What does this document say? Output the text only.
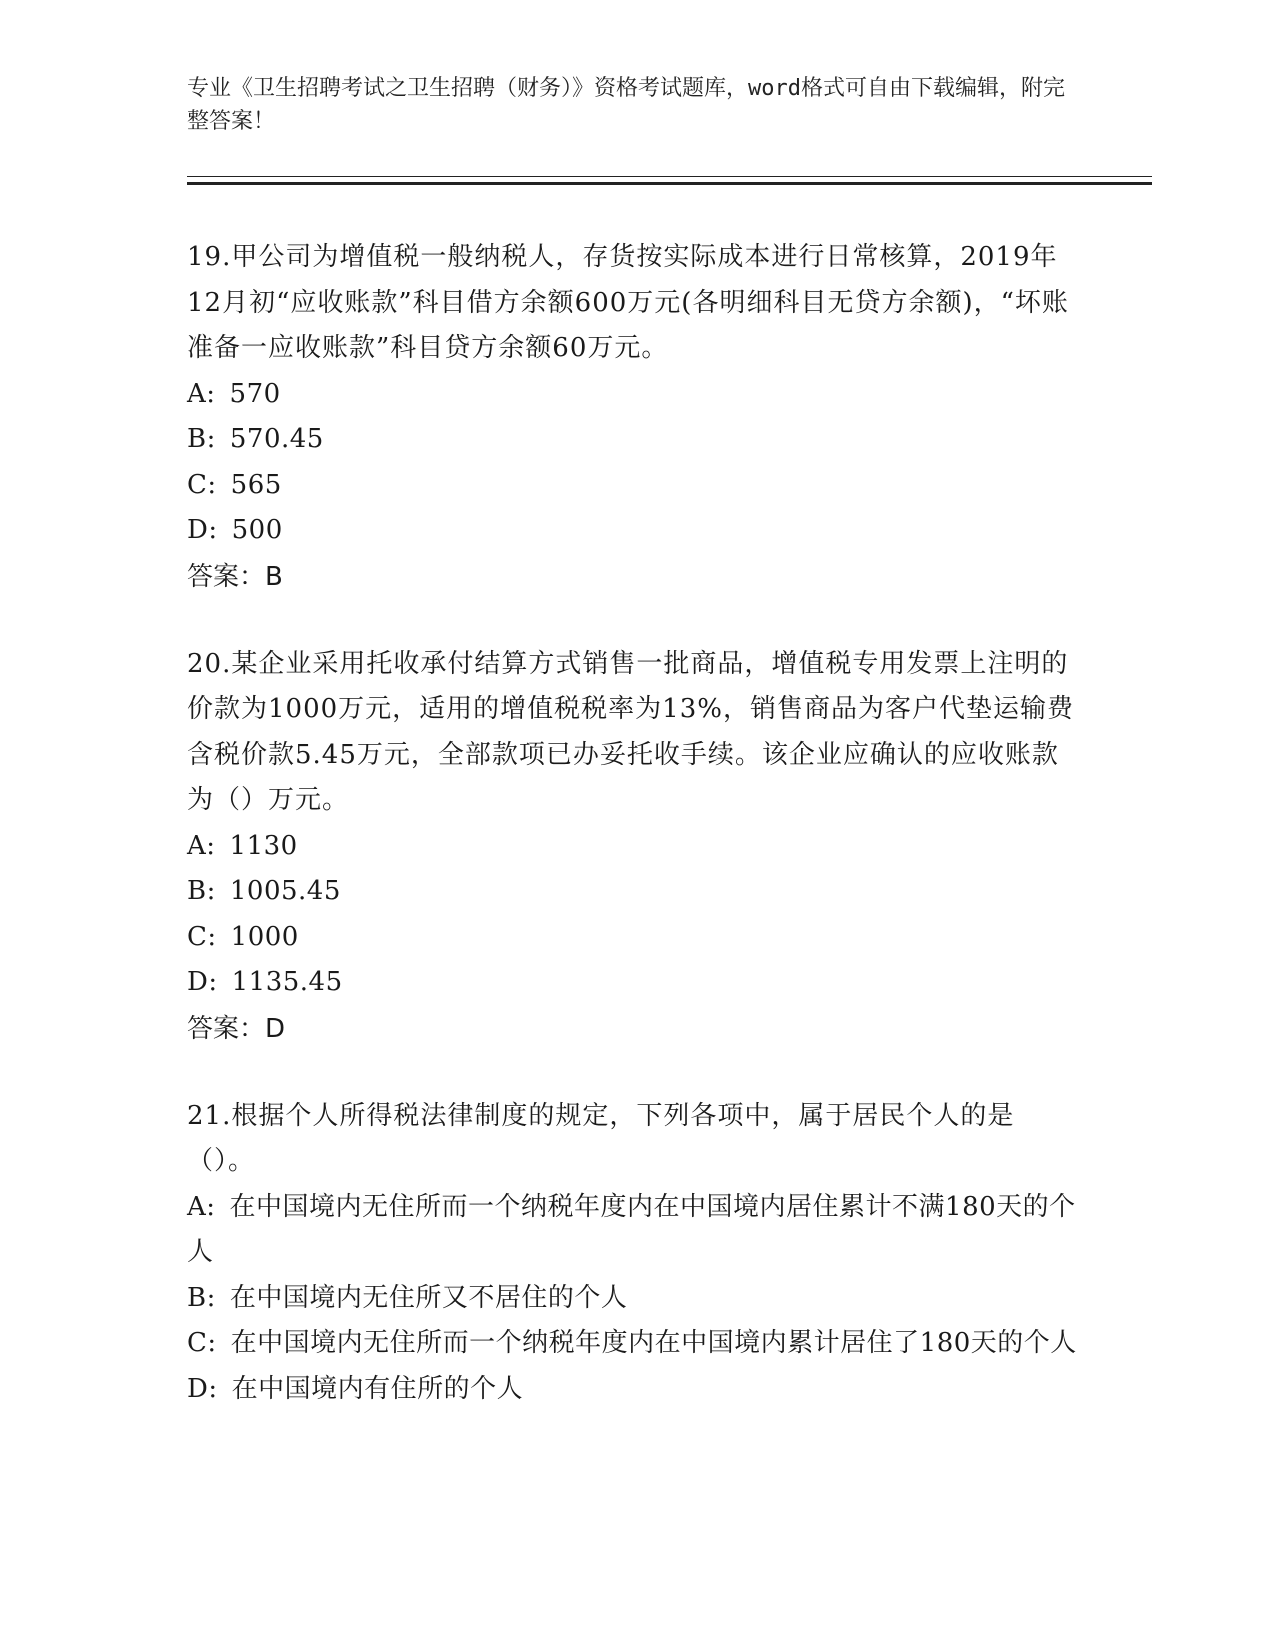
专业《卫生招聘考试之卫生招聘（财务）》资格考试题库，word格式可自由下载编辑，附完整答案！

19.甲公司为增值税一般纳税人，存货按实际成本进行日常核算，2019年12月初“应收账款”科目借方余额600万元(各明细科目无贷方余额)，“坏账准备一应收账款”科目贷方余额60万元。

A: 570

B: 570.45

C: 565

D: 500

答案：B

20.某企业采用托收承付结算方式销售一批商品，增值税专用发票上注明的价款为1000万元，适用的增值税税率为13%，销售商品为客户代垫运输费含税价款5.45万元，全部款项已办妥托收手续。该企业应确认的应收账款为（）万元。

A: 1130

B: 1005.45

C: 1000

D: 1135.45

答案：D

21.根据个人所得税法律制度的规定，下列各项中，属于居民个人的是（）。

A: 在中国境内无住所而一个纳税年度内在中国境内居住累计不满180天的个人

B: 在中国境内无住所又不居住的个人

C: 在中国境内无住所而一个纳税年度内在中国境内累计居住了180天的个人

D: 在中国境内有住所的个人
